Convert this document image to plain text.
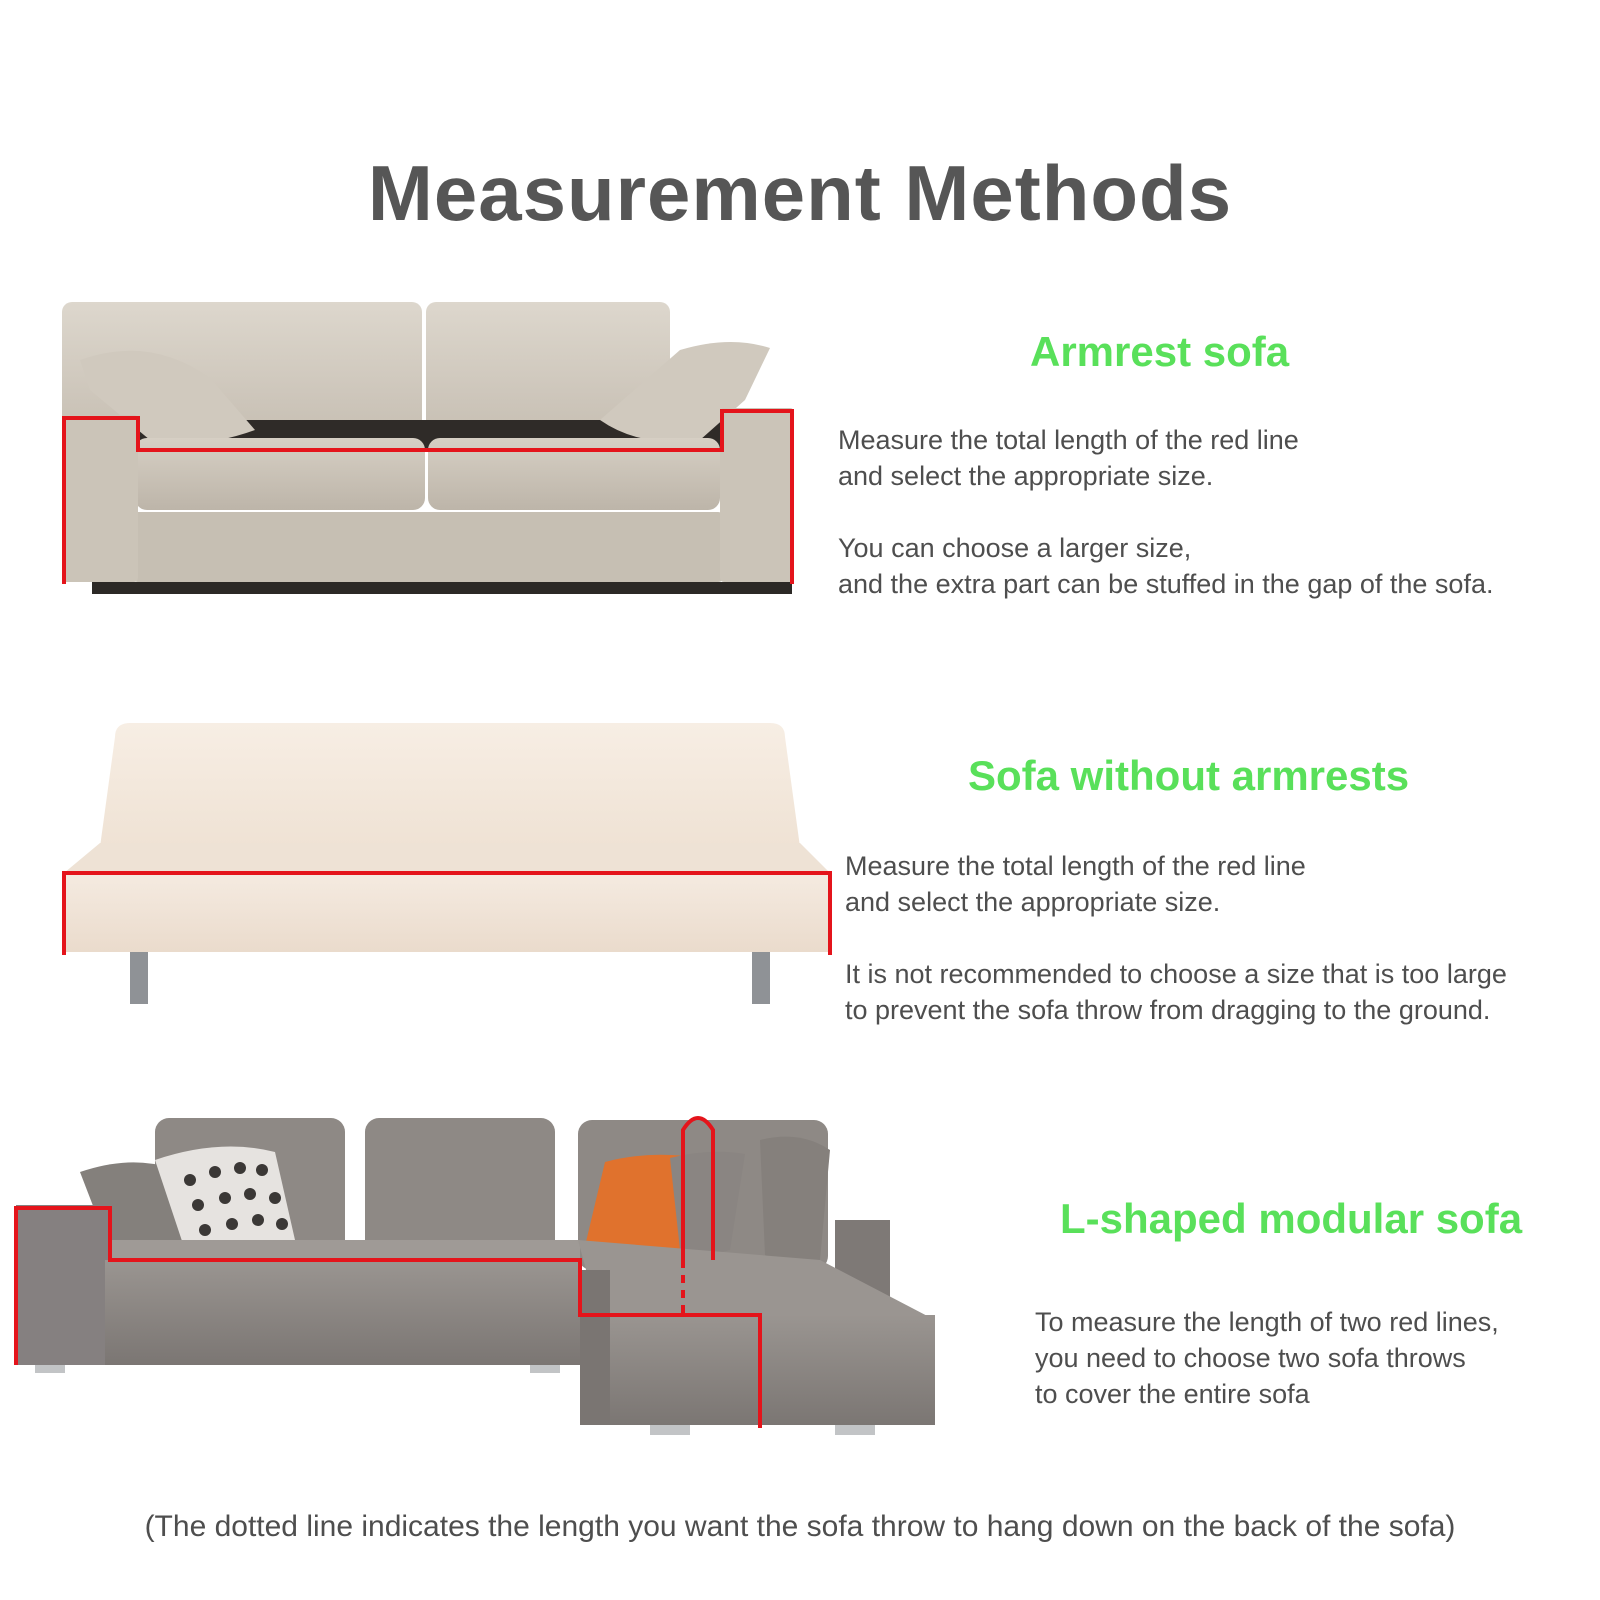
Measurement Methods
Armrest sofa

Measure the total length of the red line

and select the appropriate size.

You can choose a larger size,

and the extra part can be stuffed in the gap of the sofa.

Sofa without armrests

Measure the total length of the red line

and select the appropriate size.

It is not recommended to choose a size that is too large

to prevent the sofa throw from dragging to the ground.

L-shaped modular sofa

To measure the length of two red lines,

you need to choose two sofa throws

to cover the entire sofa

(The dotted line indicates the length you want the sofa throw to hang down on the back of the sofa)
